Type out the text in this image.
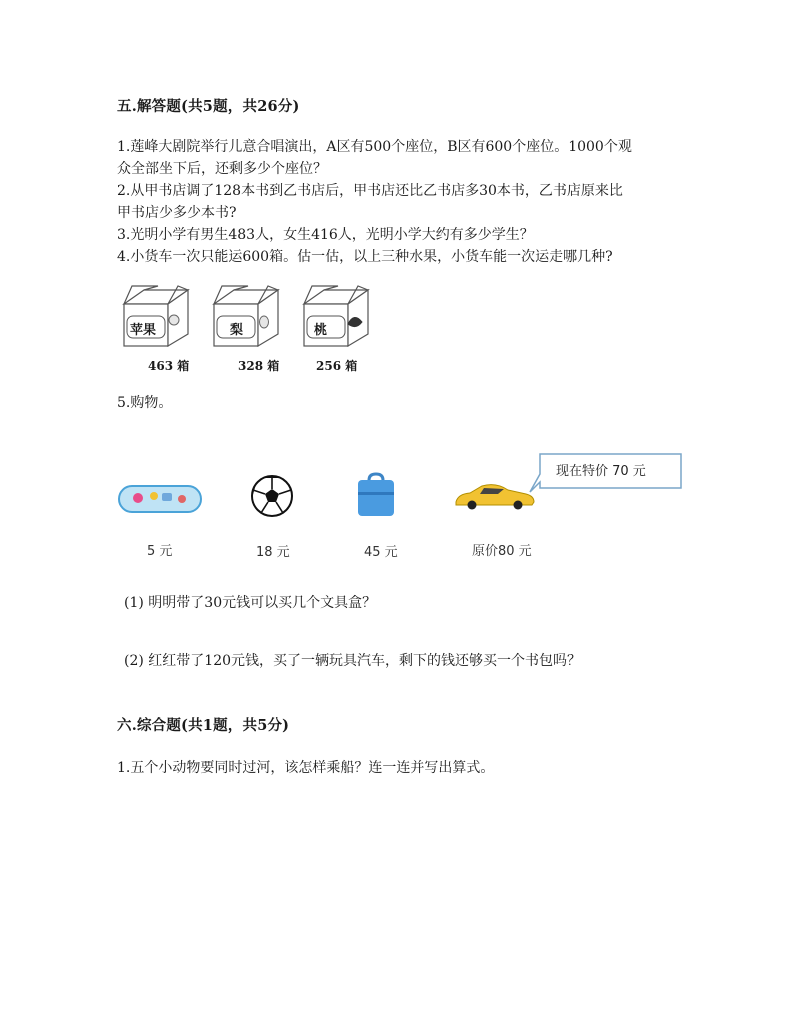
五.解答题(共5题，共26分)
1.莲峰大剧院举行儿意合唱演出，A区有500个座位，B区有600个座位。1000个观
众全部坐下后，还剩多少个座位？
2.从甲书店调了128本书到乙书店后，甲书店还比乙书店多30本书，乙书店原来比
甲书店少多少本书?
3.光明小学有男生483人，女生416人，光明小学大约有多少学生？
4.小货车一次只能运600箱。估一估，以上三种水果，小货车能一次运走哪几种?
苹果
463 箱
梨
328 箱
桃
256 箱
5.购物。
现在特价 70 元
5 元	18 元	45 元	原价80 元
(1) 明明带了30元钱可以买几个文具盒？
(2) 红红带了120元钱，买了一辆玩具汽车，剩下的钱还够买一个书包吗？
六.综合题(共1题，共5分)
1.五个小动物要同时过河，该怎样乘船？连一连并写出算式。
